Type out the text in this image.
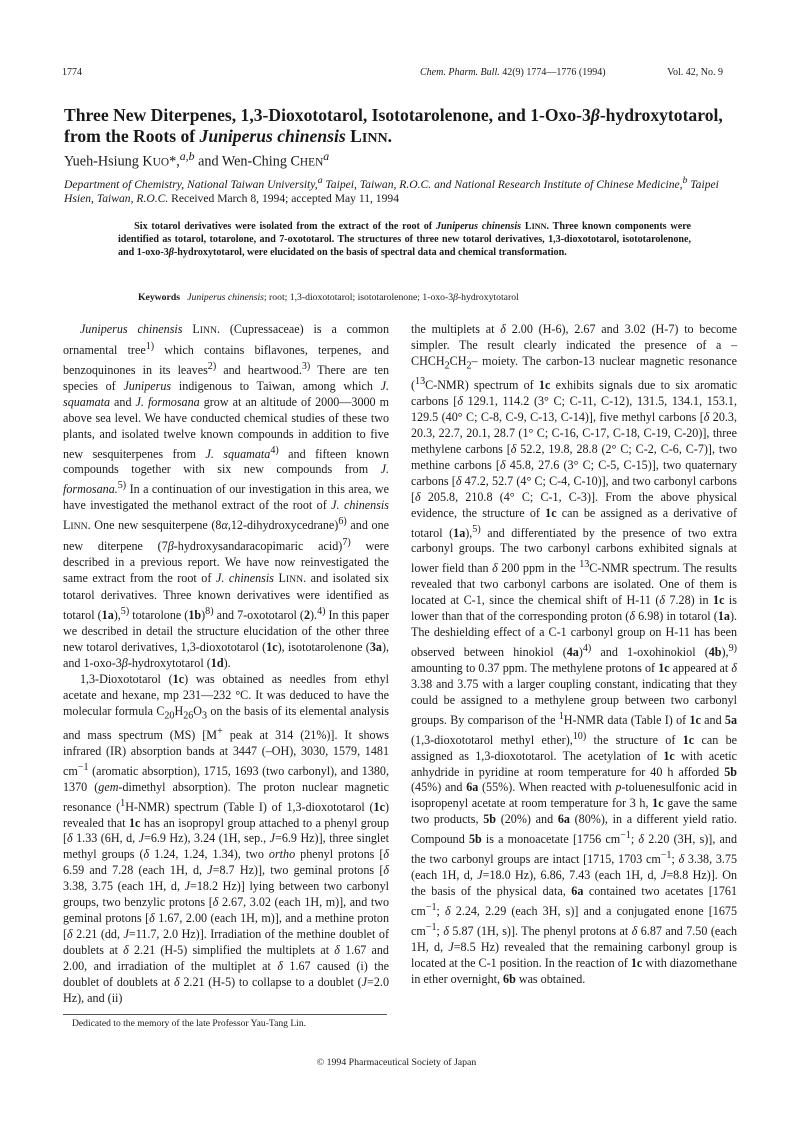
1774	Chem. Pharm. Bull. 42(9) 1774—1776 (1994)	Vol. 42, No. 9
Three New Diterpenes, 1,3-Dioxototarol, Isototarolenone, and 1-Oxo-3β-hydroxytotarol, from the Roots of Juniperus chinensis LINN.

Yueh-Hsiung KUO*,$^{a,b}$ and Wen-Ching CHEN$^a$

Department of Chemistry, National Taiwan University,$^a$ Taipei, Taiwan, R.O.C. and National Research Institute of Chinese Medicine,$^b$ Taipei Hsien, Taiwan, R.O.C. Received March 8, 1994; accepted May 11, 1994

Six totarol derivatives were isolated from the extract of the root of Juniperus chinensis LINN. Three known components were identified as totarol, totarolone, and 7-oxototarol. The structures of three new totarol derivatives, 1,3-dioxototarol, isototarolenone, and 1-oxo-3β-hydroxytotarol, were elucidated on the basis of spectral data and chemical transformation.

Keywords Juniperus chinensis; root; 1,3-dioxototarol; isototarolenone; 1-oxo-3β-hydroxytotarol

Juniperus chinensis LINN. (Cupressaceae) is a common ornamental tree$^{1)}$ which contains biflavones, terpenes, and benzoquinones in its leaves$^{2)}$ and heartwood.$^{3)}$ There are ten species of Juniperus indigenous to Taiwan, among which J. squamata and J. formosana grow at an altitude of 2000—3000 m above sea level. We have conducted chemical studies of these two plants, and isolated twelve known compounds in addition to five new sesquiterpenes from J. squamata$^{4)}$ and fifteen known compounds together with six new compounds from J. formosana.$^{5)}$ In a continuation of our investigation in this area, we have investigated the methanol extract of the root of J. chinensis LINN. One new sesquiterpene (8α,12-dihydroxycedrane)$^{6)}$ and one new diterpene (7β-hydroxysandaracopimaric acid)$^{7)}$ were described in a previous report. We have now reinvestigated the same extract from the root of J. chinensis LINN. and isolated six totarol derivatives. Three known derivatives were identified as totarol (1a),$^{5)}$ totarolone $(1b)^{8)}$ and 7-oxototarol (2).$^{4)}$ In this paper we described in detail the structure elucidation of the other three new totarol derivatives, 1,3-dioxototarol (1c), isototarolenone (3a), and 1-oxo-3β-hydroxytotarol (1d).

1,3-Dioxototarol (1c) was obtained as needles from ethyl acetate and hexane, mp 231—232 °C. It was deduced to have the molecular formula $C_{20}H_{26}O_3$ on the basis of its elemental analysis and mass spectrum (MS) [M+ peak at 314 (21%)]. It shows infrared (IR) absorption bands at 3447 (–OH), 3030, 1579, 1481 $cm^{-1}$ (aromatic absorption), 1715, 1693 (two carbonyl), and 1380, 1370 (gem-dimethyl absorption). The proton nuclear magnetic resonance ($^1$H-NMR) spectrum (Table I) of 1,3-dioxototarol (1c) revealed that 1c has an isopropyl group attached to a phenyl group [δ 1.33 (6H, d, J=6.9 Hz), 3.24 (1H, sep., J=6.9 Hz)], three singlet methyl groups (δ 1.24, 1.24, 1.34), two ortho phenyl protons [δ 6.59 and 7.28 (each 1H, d, J=8.7 Hz)], two geminal protons [δ 3.38, 3.75 (each 1H, d, J=18.2 Hz)] lying between two carbonyl groups, two benzylic protons [δ 2.67, 3.02 (each 1H, m)], and two geminal protons [δ 1.67, 2.00 (each 1H, m)], and a methine proton [δ 2.21 (dd, J=11.7, 2.0 Hz)]. Irradiation of the methine doublet of doublets at δ 2.21 (H-5) simplified the multiplets at δ 1.67 and 2.00, and irradiation of the multiplet at δ 1.67 caused (i) the doublet of doublets at δ 2.21 (H-5) to collapse to a doublet (J=2.0 Hz), and (ii)

the multiplets at δ 2.00 (H-6), 2.67 and 3.02 (H-7) to become simpler. The result clearly indicated the presence of a $-CHCH_2CH_2-$ moiety. The carbon-13 nuclear magnetic resonance ($^{13}$C-NMR) spectrum of 1c exhibits signals due to six aromatic carbons [δ 129.1, 114.2 (3° C; C-11, C-12), 131.5, 134.1, 153.1, 129.5 (40° C; C-8, C-9, C-13, C-14)], five methyl carbons [δ 20.3, 20.3, 22.7, 20.1, 28.7 (1° C; C-16, C-17, C-18, C-19, C-20)], three methylene carbons [δ 52.2, 19.8, 28.8 (2° C; C-2, C-6, C-7)], two methine carbons [δ 45.8, 27.6 (3° C; C-5, C-15)], two quaternary carbons [δ 47.2, 52.7 (4° C; C-4, C-10)], and two carbonyl carbons [δ 205.8, 210.8 (4° C; C-1, C-3)]. From the above physical evidence, the structure of 1c can be assigned as a derivative of totarol (1a),$^{5)}$ and differentiated by the presence of two extra carbonyl groups. The two carbonyl carbons exhibited signals at lower field than δ 200 ppm in the $^{13}$C-NMR spectrum. The results revealed that two carbonyl carbons are isolated. One of them is located at C-1, since the chemical shift of H-11 (δ 7.28) in 1c is lower than that of the corresponding proton (δ 6.98) in totarol (1a). The deshielding effect of a C-1 carbonyl group on H-11 has been observed between hinokiol $(4a)^{4)}$ and 1-oxohinokiol (4b),$^{9)}$ amounting to 0.37 ppm. The methylene protons of 1c appeared at δ 3.38 and 3.75 with a larger coupling constant, indicating that they could be assigned to a methylene group between two carbonyl groups. By comparison of the $^1$H-NMR data (Table I) of 1c and 5a (1,3-dioxototarol methyl ether),$^{10)}$ the structure of 1c can be assigned as 1,3-dioxototarol. The acetylation of 1c with acetic anhydride in pyridine at room temperature for 40 h afforded 5b (45%) and 6a (55%). When reacted with p-toluenesulfonic acid in isopropenyl acetate at room temperature for 3 h, 1c gave the same two products, 5b (20%) and 6a (80%), in a different yield ratio. Compound 5b is a monoacetate [1756 $cm^{-1}$; δ 2.20 (3H, s)], and the two carbonyl groups are intact [1715, 1703 $cm^{-1}$; δ 3.38, 3.75 (each 1H, d, J=18.0 Hz), 6.86, 7.43 (each 1H, d, J=8.8 Hz)]. On the basis of the physical data, 6a contained two acetates [1761 $cm^{-1}$; δ 2.24, 2.29 (each 3H, s)] and a conjugated enone [1675 $cm^{-1}$; δ 5.87 (1H, s)]. The phenyl protons at δ 6.87 and 7.50 (each 1H, d, J=8.5 Hz) revealed that the remaining carbonyl group is located at the C-1 position. In the reaction of 1c with diazomethane in ether overnight, 6b was obtained.

Dedicated to the memory of the late Professor Yau-Tang Lin.

© 1994 Pharmaceutical Society of Japan
